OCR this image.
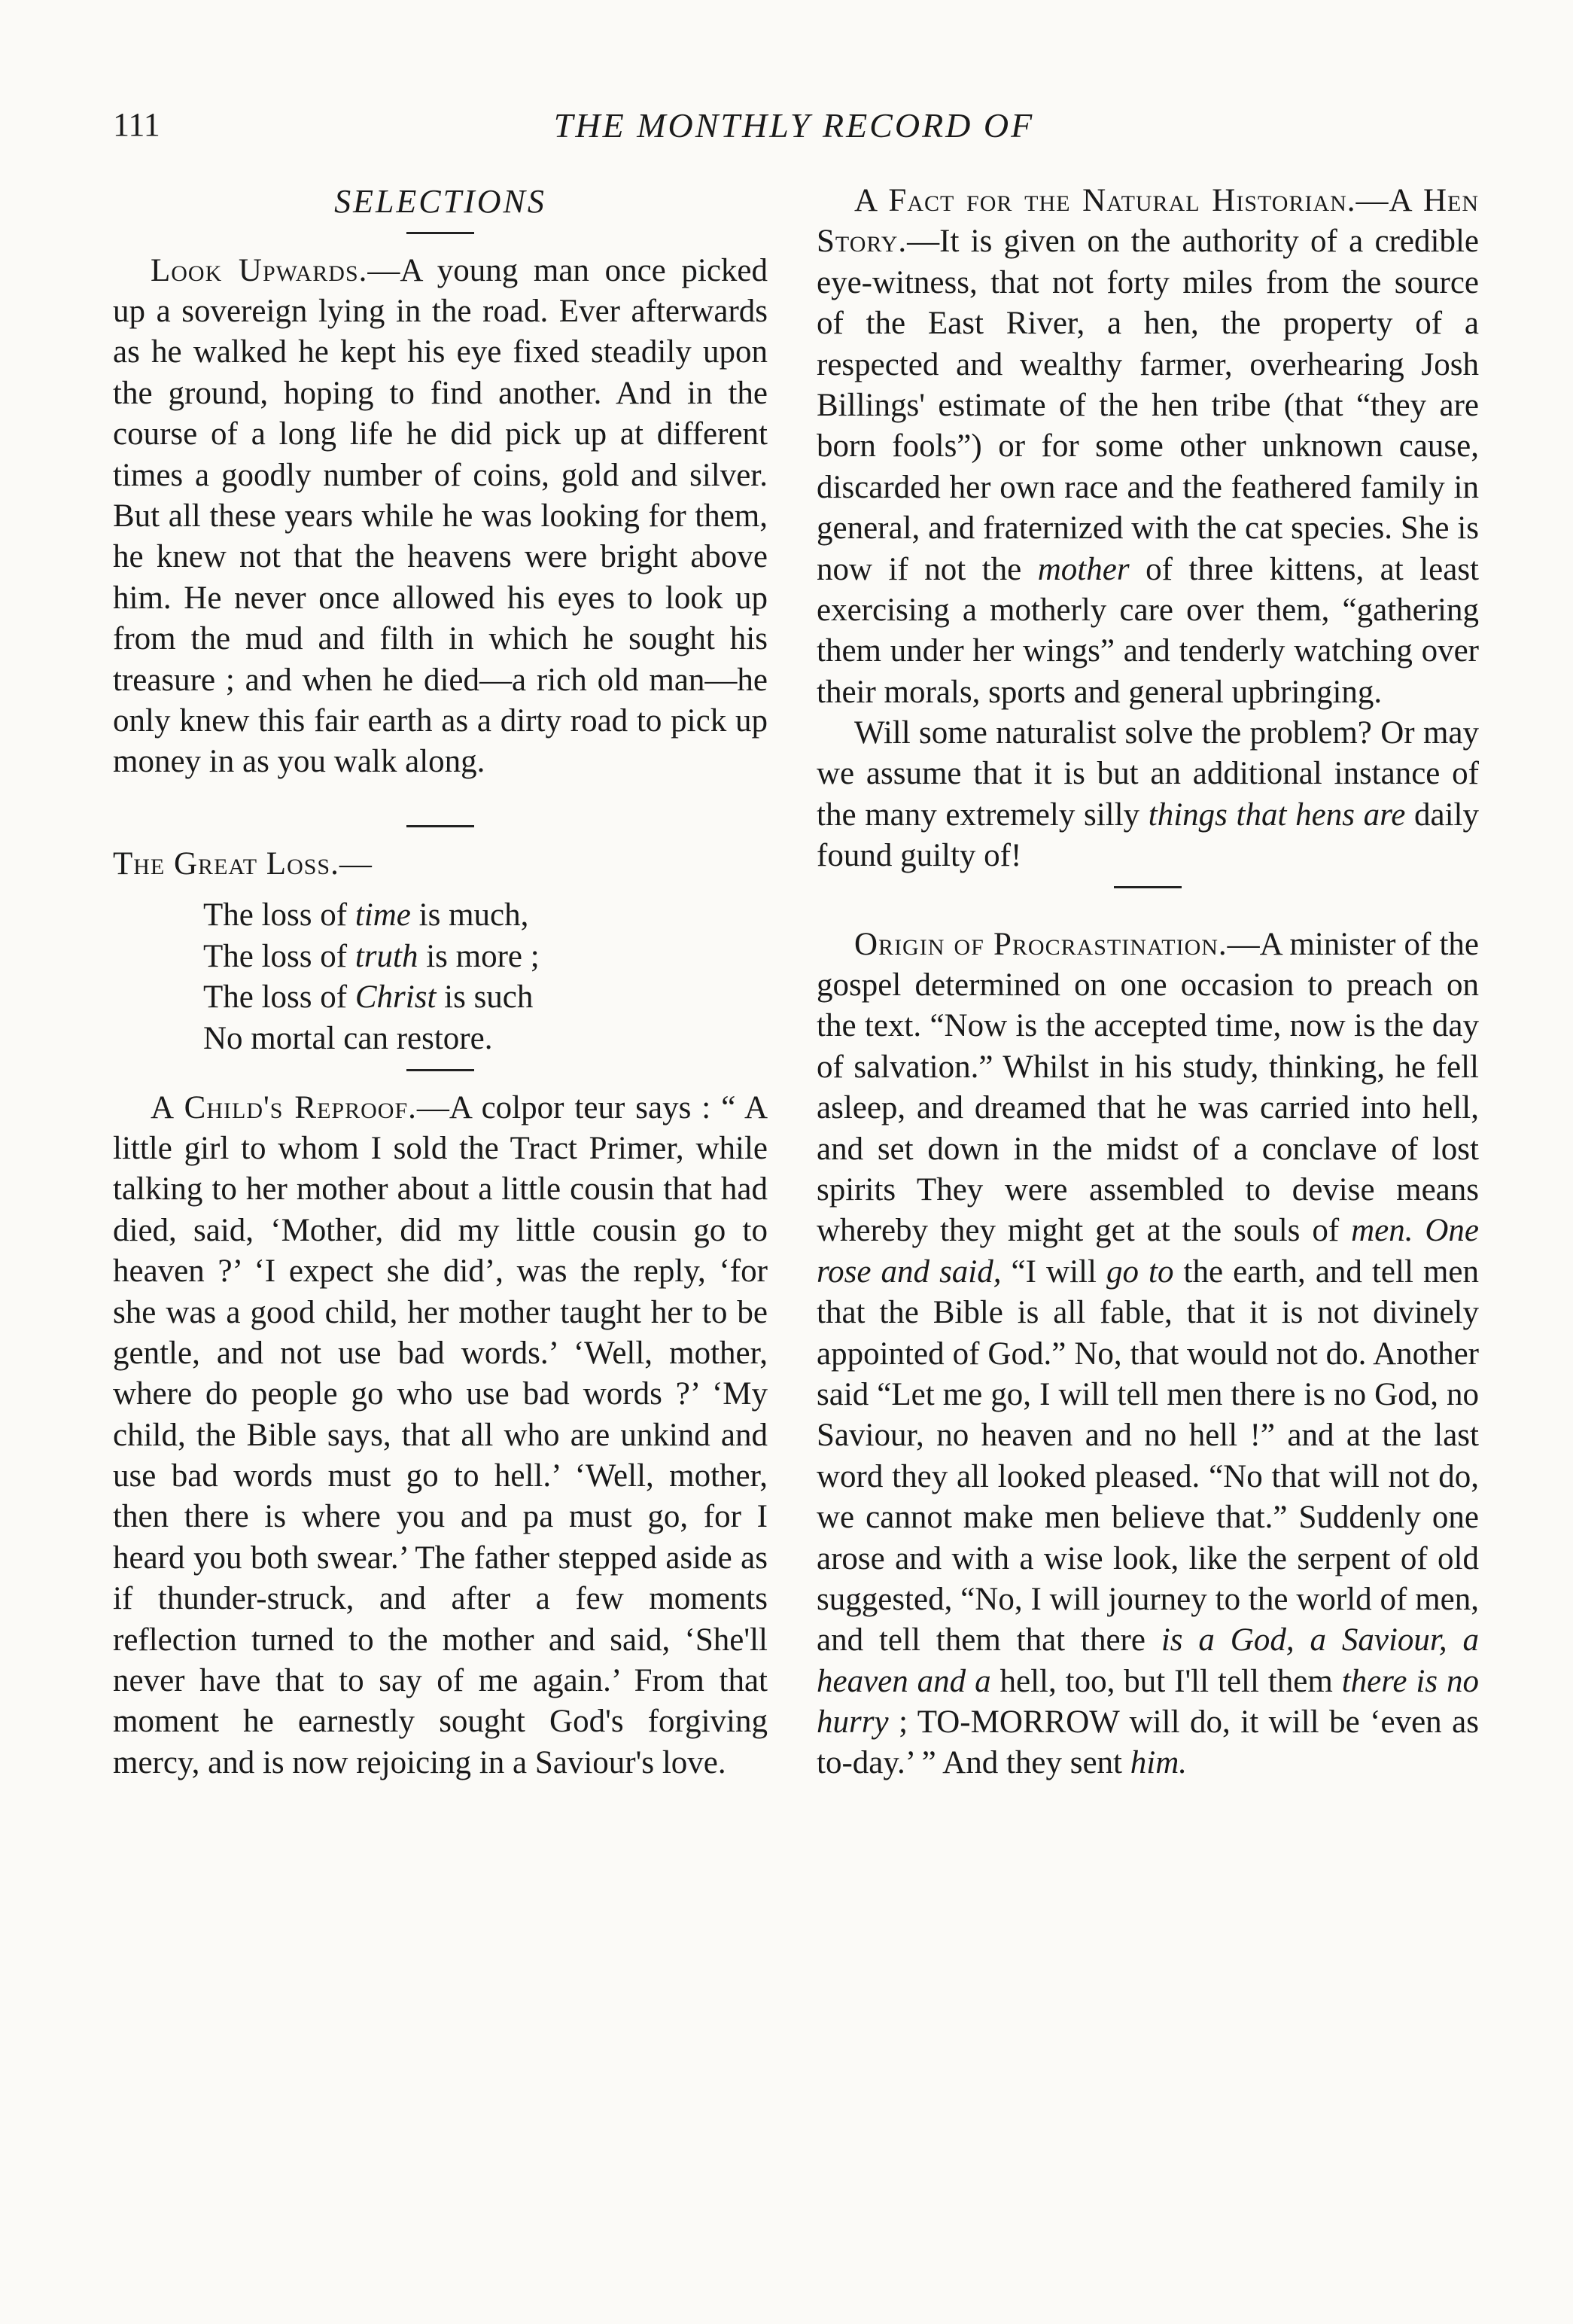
111	THE MONTHLY RECORD OF
SELECTIONS

Look Upwards.—A young man once picked up a sovereign lying in the road. Ever afterwards as he walked he kept his eye fixed steadily upon the ground, hoping to find another. And in the course of a long life he did pick up at different times a goodly number of coins, gold and silver. But all these years while he was looking for them, he knew not that the heavens were bright above him. He never once allowed his eyes to look up from the mud and filth in which he sought his treasure ; and when he died—a rich old man—he only knew this fair earth as a dirty road to pick up money in as you walk along.

The Great Loss.—

The loss of time is much,
The loss of truth is more ;
The loss of Christ is such
No mortal can restore.

A Child's Reproof.—A colpor teur says : “ A little girl to whom I sold the Tract Primer, while talking to her mother about a little cousin that had died, said, ‘Mother, did my little cousin go to heaven ?’ ‘I expect she did’, was the reply, ‘for she was a good child, her mother taught her to be gentle, and not use bad words.’ ‘Well, mother, where do people go who use bad words ?’ ‘My child, the Bible says, that all who are unkind and use bad words must go to hell.’ ‘Well, mother, then there is where you and pa must go, for I heard you both swear.’ The father stepped aside as if thunder-struck, and after a few moments reflection turned to the mother and said, ‘She'll never have that to say of me again.’ From that moment he earnestly sought God's forgiving mercy, and is now rejoicing in a Saviour's love.

A Fact for the Natural Historian.—A Hen Story.—It is given on the authority of a credible eye-witness, that not forty miles from the source of the East River, a hen, the property of a respected and wealthy farmer, overhearing Josh Billings' estimate of the hen tribe (that “they are born fools”) or for some other unknown cause, discarded her own race and the feathered family in general, and fraternized with the cat species. She is now if not the mother of three kittens, at least exercising a motherly care over them, “gathering them under her wings” and tenderly watching over their morals, sports and general upbringing.

Will some naturalist solve the problem? Or may we assume that it is but an additional instance of the many extremely silly things that hens are daily found guilty of!

Origin of Procrastination.—A minister of the gospel determined on one occasion to preach on the text. “Now is the accepted time, now is the day of salvation.” Whilst in his study, thinking, he fell asleep, and dreamed that he was carried into hell, and set down in the midst of a conclave of lost spirits They were assembled to devise means whereby they might get at the souls of men. One rose and said, “I will go to the earth, and tell men that the Bible is all fable, that it is not divinely appointed of God.” No, that would not do. Another said “Let me go, I will tell men there is no God, no Saviour, no heaven and no hell !” and at the last word they all looked pleased. “No that will not do, we cannot make men believe that.” Suddenly one arose and with a wise look, like the serpent of old suggested, “No, I will journey to the world of men, and tell them that there is a God, a Saviour, a heaven and a hell, too, but I'll tell them there is no hurry ; TO-MORROW will do, it will be ‘even as to-day.’ ” And they sent him.
